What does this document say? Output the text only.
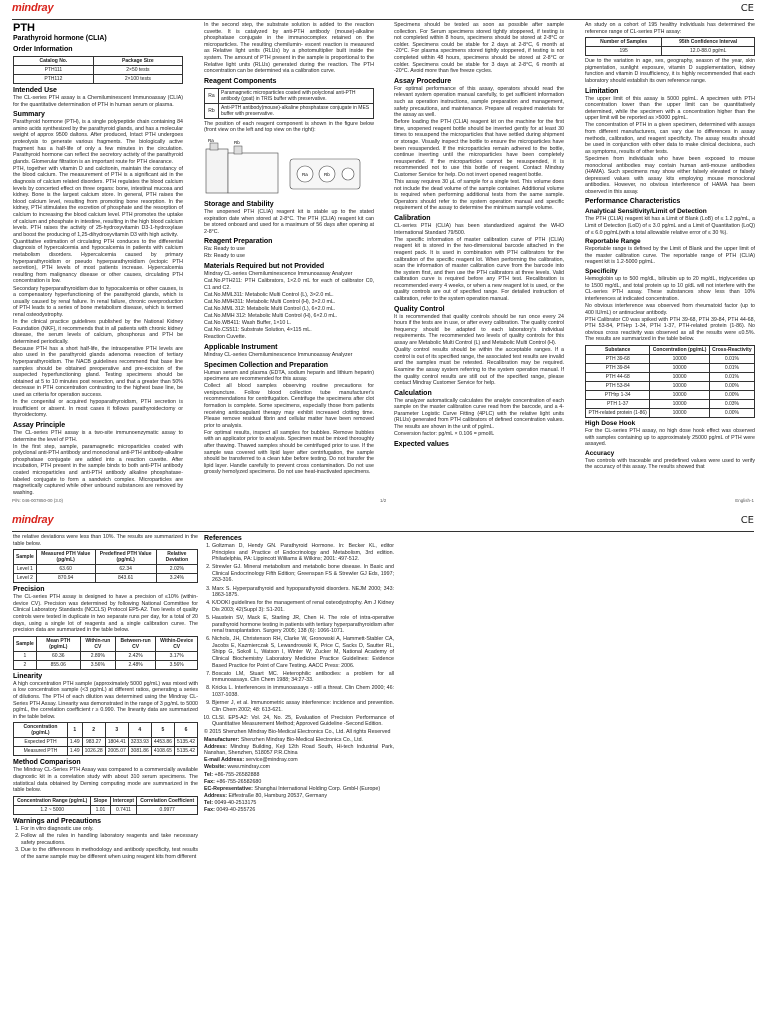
mindray	CE
PTH
Parathyroid hormone (CLIA)
Order Information
Catalog No.	Package Size
PTH111	2×50 tests
PTH112	2×100 tests
Intended Use

The CL-series PTH assay is a Chemiluminescent Immunoassay (CLIA) for the quantitative determination of PTH in human serum or plasma.

Summary

Parathyroid hormone (PTH), is a single polypeptide chain containing 84 amino acids synthesized by the parathyroid glands, and has a molecular weight of approx 9500 daltons. After produced, Intact PTH undergoes proteolysis to generate various fragments. The biologically active fragment has a half-life of only a few minutes in the circulation. Parathyroid hormone can reflect the secretory activity of the parathyroid glands. Glomerular filtration is an important route for PTH clearance.

PTH, together with vitamin D and calcitonin, maintain the constancy of the blood calcium. The measurement of PTH is a significant aid in the diagnosis of calcium related disorders. PTH regulates the blood calcium levels by concerted effect on three organs: bone, intestinal mucosa and kidney. Bone is the largest calcium store. In general, PTH raises the blood calcium level, resulting from promoting bone resorption. In the kidney, PTH stimulates the excretion of phosphate and the resorption of calcium to increasing the blood calcium level. PTH promotes the uptake of calcium and phosphate in intestine, resulting in the high blood calcium levels. PTH raises the activity of 25-hydroxyvitamin D3-1-hydroxylase and boost the producing of 1,25-dihydroxyvitamin D3 with high activity.

Quantitative estimation of circulating PTH conduces to the differential diagnosis of hypercalcemia and hypocalcemia in patients with calcium metabolism disorders. Hypercalcemia caused by primary hyperparathyroidism or pseudo hyperparathyroidism (ectopic PTH secretion), PTH levels of most patients increase. Hypercalcemia resulting from malignancy disease or other causes, circulating PTH concentration is low.

Secondary hyperparathyroidism due to hypocalcemia or other causes, is a compensatory hyperfunctioning of the parathyroid glands, which is usually caused by renal failure. In renal failure, chronic overproduction of PTH leads to a series of bone metabolism disease, which is termed renal osteodystrophy.

In the clinical practice guidelines published by the National Kidney Foundation (NKF), it recommends that in all patients with chronic kidney disease, the serum levels of calcium, phosphorus and PTH be determined periodically.

Because PTH has a short half-life, the intraoperative PTH levels are also used in the parathyroid glands adenoma resection of tertiary hyperparathyroidism. The NACB guidelines recommend that base line samples should be obtained preoperative and pre-excision of the suspected hyperfunctioning gland. Testing specimens should be obtained at 5 to 10 minutes post resection, and that a greater than 50% decrease in PTH concentration contrasting to the highest base line, be used as criteria for operation success.

In the congenital or acquired hypoparathyroidism, PTH secretion is insufficient or absent. In most cases it follows parathyroidectomy or thyroidectomy.

Assay Principle

The CL-series PTH assay is a two-site immunoenzymatic assay to determine the level of PTH.

In the first step, sample, paramagnetic microparticles coated with polyclonal anti-PTH antibody and monoclonal anti-PTH antibody-alkaline phosphatase conjugate are added into a reaction cuvette. After incubation, PTH present in the sample binds to both anti-PTH antibody coated microparticles and anti-PTH antibody alkaline phosphatase-labeled conjugate to form a sandwich complex. Microparticles are magnetically captured while other unbound substances are removed by washing.

In the second step, the substrate solution is added to the reaction cuvette. It is catalyzed by anti-PTH antibody (mouse)-alkaline phosphatase conjugate in the immunocomplex retained on the microparticles. The resulting chemilumin- escent reaction is measured as Relative light units (RLUs) by a photomultiplier built inside the system. The amount of PTH present in the sample is proportional to the Relative light units (RLUs) generated during the reaction. The PTH concentration can be determined via a calibration curve.

Reagent Components
Ra	Paramagnetic microparticles coated with polyclonal anti-PTH antibody (goat) in TRIS buffer with preservative.
Rb	Anti-PTH antibody(mouse)-alkaline phosphatase conjugate in MES buffer with preservative.

The position of each reagent component is shown in the figure below (front view on the left and top view on the right):

Ra	Rb
Ra	Rb
Storage and Stability

The unopened PTH (CLIA) reagent kit is stable up to the stated expiration date when stored at 2-8°C. The PTH (CLIA) reagent kit can be stored onboard and used for a maximum of 56 days after opening at 2-8°C.

Reagent Preparation

Ra: Ready to use

Rb: Ready to use

Materials Required but not Provided

Mindray CL-series Chemiluminescence Immunoassay Analyzer

Cat.No.PTH211: PTH Calibrators, 1×2.0 mL for each of calibrator C0, C1 and C2.

Cat.No.MML311: Metabolic Multi Control (L), 3×2.0 mL.

Cat.No.MMH311: Metabolic Multi Control (H), 3×2.0 mL.

Cat.No.MML 312: Metabolic Multi Control (L), 6×2.0 mL.

Cat.No.MMH 312: Metabolic Multi Control (H), 6×2.0 mL.

Cat.No.WB411: Wash Buffer, 1×10 L.

Cat.No.CS511: Substrate Solution, 4×115 mL.

Reaction Cuvette.

Applicable Instrument

Mindray CL-series Chemiluminescence Immunoassay Analyzer

Specimen Collection and Preparation

Human serum and plasma (EDTA, sodium heparin and lithium heparin) specimens are recommended for this assay.

Collect all blood samples observing routine precautions for venipuncture. Follow blood collection tube manufacturer's recommendations for centrifugation. Centrifuge the specimens after clot formation is complete. Some specimens, especially those from patients receiving anticoagulant therapy may exhibit increased clotting time. Please remove residual fibrin and cellular matter have been removed prior to analysis.

For optimal results, inspect all samples for bubbles. Remove bubbles with an applicator prior to analysis. Specimen must be mixed thoroughly after thawing. Thawed samples should be centrifuged prior to use. If the sample was covered with lipid layer after centrifugation, the sample should be transferred to a clean tube before testing. Do not transfer the lipid layer. Handle carefully to prevent cross contamination. Do not use grossly hemolyzed specimens. Do not use heat-inactivated specimens.

Specimens should be tested as soon as possible after sample collection. For Serum specimens stored tightly stoppered, if testing is not completed within 8 hours, specimens should be stored at 2-8°C or colder. Specimens could be stable for 2 days at 2-8°C, 6 month at -20°C. For plasma specimens stored tightly stoppered, if testing is not completed within 48 hours, specimens should be stored at 2-8°C or colder. Specimens could be stable for 3 days at 2-8°C, 6 month at -20°C. Avoid more than five freeze cycles.

Assay Procedure

For optimal performance of this assay, operators should read the relevant system operation manual carefully, to get sufficient information such as operation instructions, sample preparation and management, safety precautions, and maintenance. Prepare all required materials for the assay as well.

Before loading the PTH (CLIA) reagent kit on the machine for the first time, unopened reagent bottle should be inverted gently for at least 30 times to resuspend the microparticles that have settled during shipment or storage. Visually inspect the bottle to ensure the microparticles have been resuspended. If the microparticles remain adhered to the bottle, continue inverting until the microparticles have been completely resuspended. If the microparticles cannot be resuspended, it is recommended not to use this bottle of reagent. Contact Mindray Customer Service for help. Do not invert opened reagent bottle.

This assay requires 30 μL of sample for a single test. This volume does not include the dead volume of the sample container. Additional volume is required when performing additional tests from the same sample. Operators should refer to the system operation manual and specific requirement of the assay to determine the minimum sample volume.

Calibration

CL-series PTH (CLIA) has been standardized against the WHO International Standard 79/500.

The specific information of master calibration curve of PTH (CLIA) reagent kit is stored in the two-dimensional barcode attached in the reagent pack. It is used in combination with PTH calibrators for the calibration of the specific reagent lot. When performing the calibration, scan the information of master calibration curve from the barcode into the system first, and then use the PTH calibrators at three levels. Valid calibration curve is required before any PTH test. Recalibration is recommended every 4 weeks, or when a new reagent lot is used, or the quality controls are out of specified range. For detailed instruction of calibration, refer to the system operation manual.

Quality Control

It is recommended that quality controls should be run once every 24 hours if the tests are in use, or after every calibration. The quality control frequency should be adapted to each laboratory's individual requirements. The recommended two levels of quality controls for this assay are Metabolic Multi Control (L) and Metabolic Multi Control (H).

Quality control results should be within the acceptable ranges. If a control is out of its specified range, the associated test results are invalid and the samples must be retested. Recalibration may be required. Examine the assay system referring to the system operation manual. If the quality control results are still out of the specified range, please contact Mindray Customer Service for help.

Calculation

The analyzer automatically calculates the analyte concentration of each sample on the master calibration curve read from the barcode, and a 4-Parameter Logistic Curve Fitting (4PLC) with the relative light units (RLUs) generated from PTH calibrators of defined concentration values. The results are shown in the unit of pg/mL.

Conversion factor: pg/mL × 0.106 = pmol/L

Expected values

An study on a cohort of 195 healthy individuals has determined the reference range of CL-series PTH assay:

Number of Samples	95th Confidence Interval
195	12.0-88.0 pg/mL

Due to the variation in age, sex, geography, season of the year, skin pigmentation, sunlight exposure, vitamin D supplementation, kidney function and vitamin D insufficiency, it is highly recommended that each laboratory should establish its own reference range.

Limitation

The upper limit of this assay is 5000 pg/mL. A specimen with PTH concentration lower than the upper limit can be quantitatively determined, while the specimen with a concentration higher than the upper limit will be reported as >5000 pg/mL.

The concentration of PTH in a given specimen, determined with assays from different manufacturers, can vary due to differences in assay methods, calibration, and reagent specificity. The assay results should be used in conjunction with other data to make clinical decisions, such as symptoms, results of other tests.

Specimen from individuals who have been exposed to mouse monoclonal antibodies may contain human anti-mouse antibodies (HAMA). Such specimens may show either falsely elevated or falsely depressed values with assay kits employing mouse monoclonal antibodies. However, no obvious interference of HAMA has been observed in this assay.

Performance Characteristics
Analytical Sensitivity/Limit of Detection

The PTH (CLIA) reagent kit has a Limit of Blank (LoB) of ≤ 1.2 pg/mL, a Limit of Detection (LoD) of ≤ 3.0 pg/mL and a Limit of Quantitation (LoQ) of ≤ 6.0 pg/mL(with a total allowable relative error of ≤ 30 %).

Reportable Range

Reportable range is defined by the Limit of Blank and the upper limit of the master calibration curve. The reportable range of PTH (CLIA) reagent kit is 1.2-5000 pg/mL.

Specificity

Hemoglobin up to 500 mg/dL, bilirubin up to 20 mg/dL, triglycerides up to 1500 mg/dL, and total protein up to 10 g/dL will not interfere with the CL-series PTH assay. These substances show less than 10% interferences at indicated concentration.

No obvious interference was observed from rheumatoid factor (up to 400 IU/mL) or antinuclear antibody.

PTH Calibrator C0 was spiked with PTH 39-68, PTH 39-84, PTH 44-68, PTH 53-84, PTHrp 1-34, PTH 1-37, PTH-related protein (1-86). No obvious cross reactivity was observed as all the results were ≤0.5%. The results are summarized in the table below.

Substance	Concentration (pg/mL)	Cross-Reactivity
PTH 39-68	10000	0.01%
PTH 39-84	10000	0.01%
PTH 44-68	10000	0.01%
PTH 53-84	10000	0.00%
PTHrp 1-34	10000	0.00%
PTH 1-37	10000	0.03%
PTH-related protein (1-86)	10000	0.00%
High Dose Hook

For the CL-series PTH assay, no high dose hook effect was observed with samples containing up to approximately 25000 pg/mL of PTH were assayed.

Accuracy

Two controls with traceable and predefined values were used to verify the accuracy of this assay. The results showed that

P/N: 046-007850-00 (3.0)	1/2	English-1
mindray	CE

the relative deviations were less than 10%. The results are summarized in the table below.

Sample	Measured PTH Value (pg/mL)	Predefined PTH Value (pg/mL)	Relative Deviation
Level 1	63.60	62.34	2.02%
Level 2	870.94	843.61	3.24%
Precision

The CL-series PTH assay is designed to have a precision of ≤10% (within-device CV). Precision was determined by following National Committee for Clinical Laboratory Standards (NCCLS) Protocol EP5-A2. Two levels of quality controls were tested in duplicate in two separate runs per day, for a total of 20 days, using a single lot of reagents and a single calibration curve. The precision data are summarized in the table below.

Sample	Mean PTH (pg/mL)	Within-run CV	Between-run CV	Within-Device CV
1	60.36	2.89%	2.42%	3.17%
2	855.06	3.56%	2.48%	3.56%
Linearity

A high concentration PTH sample (approximately 5000 pg/mL) was mixed with a low concentration sample (<3 pg/mL) at different ratios, generating a series of dilutions. The PTH of each dilution was determined using the Mindray CL-Series PTH Assay. Linearity was demonstrated in the range of 3 pg/mL to 5000 pg/mL, the correlation coefficient r ≥ 0.990. The linearity data are summarized in the table below.

Concentration (pg/mL)	1	2	3	4	5	6
Expected PTH	1.49	983.27	1804.41	3233.93	4453.86	5135.42
Measured PTH	1.49	1026.28	2005.07	3081.86	4108.65	5135.42
Method Comparison

The Mindray CL-Series PTH Assay was compared to a commercially available diagnostic kit in a correlation study with about 310 serum specimens. The statistical data obtained by Deming computing mode are summarized in the table below.

Concentration Range (pg/mL)	Slope	Intercept	Correlation Coefficient
1.2 ~ 5000	1.01	0.7411	0.9977
Warnings and Precautions
1. For in vitro diagnostic use only.
2. Follow all the rules in handling laboratory reagents and take necessary safety precautions.
3. Due to the differences in methodology and antibody specificity, test results of the same sample may be different when using reagent kits from different
References
1. Goltzman D, Hendy GN. Parathyroid Hormone. In: Becker KL, editor Principles and Practice of Endocrinology and Metabolism, 3rd edition. Philadelphia, PA: Lippincott Williams & Wilkins; 2001: 497-512.
2. Strewler GJ. Mineral metabolism and metabolic bone disease. In Basic and Clinical Endocrinology Fifth Edition; Greenspan FS & Strewler GJ Eds, 1997; 263-316.
3. Marx S. Hyperparathyroid and hypoparathyroid disorders. NEJM 2000; 343: 1863-1875.
4. K/DOKI guidelines for the management of renal osteodystrophy. Am J Kidney Dis 2003; 42(Suppl 3): S1-201.
5. Haustein SV, Mack E, Starling JR, Chen H. The role of intra-operative parathyroid hormone testing in patients with tertiary hyperparathyroidism after renal transplantation. Surgery 2005; 138 (6): 1066-1071.
6. Nichols, JH, Christenson RH, Clarke W, Gronowski A, Hammett-Stabler CA, Jacobs E, Kazmierczak S, Lewandrowski K, Price C, Sacks D, Sautter RL, Shipp G, Sokoll L, Watson I, Winter W, Zucker M, National Academy of Clinical Biochemistry Laboratory Medicine Practice Guidelines: Evidence Based Practice for Point of Care Testing. AACC Press: 2006.
7. Boscato LM, Stuart MC. Heterophilic antibodies: a problem for all immunoassays. Clin Chem 1988; 34:27-33.
8. Kricka L. Interferences in immunoassays - still a threat. Clin Chem 2000; 46: 1037-1038.
9. Bjerner J, et al. Immunometric assay interference: incidence and prevention. Clin Chem 2002; 48: 613-621.
10. CLSI. EP5-A2: Vol. 24, No. 25, Evaluation of Precision Performance of Quantitative Measurement Method; Approved Guideline -Second Edition.

© 2015 Shenzhen Mindray Bio-Medical Electronics Co., Ltd. All rights Reserved

Manufacturer: Shenzhen Mindray Bio-Medical Electronics Co., Ltd.

Address: Mindray Building, Keji 12th Road South, Hi-tech Industrial Park, Nanshan, Shenzhen, 518057 P.R.China

E-mail Address: service@mindray.com

Website: www.mindray.com

Tel: +86-755-26582888

Fax: +86-755-26582680

EC-Representative: Shanghai International Holding Corp. GmbH (Europe)

Address: Eiffestraße 80, Hamburg 20537, Germany

Tel: 0049-40-2513175

Fax: 0049-40-255726
